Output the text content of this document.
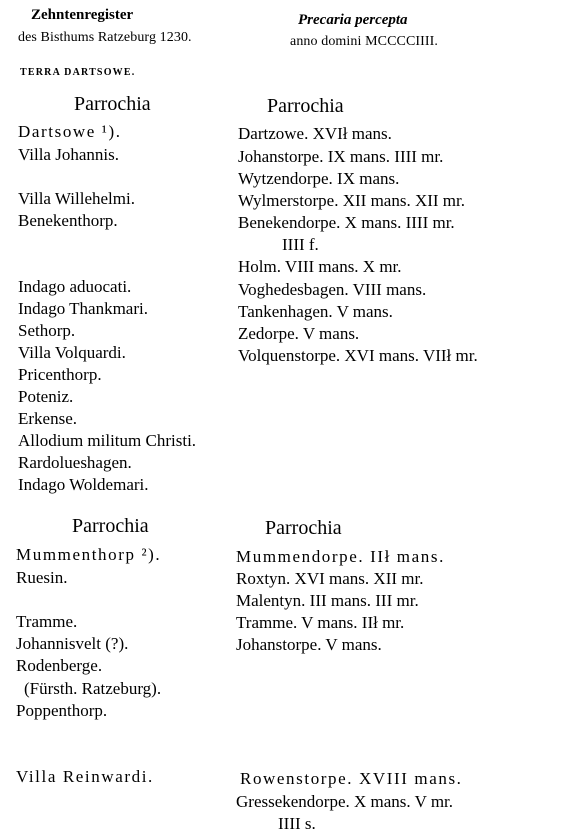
Zehntenregister
des Bisthums Ratzeburg 1230.
Precaria percepta
anno domini MCCCCIIII.
TERRA DARTSOWE.
Parrochia	Parrochia
Dartsowe ¹).
Villa Johannis.
Villa Willehelmi.
Benekenthorp.
Indago aduocati.
Indago Thankmari.
Sethorp.
Villa Volquardi.
Pricenthorp.
Poteniz.
Erkense.
Allodium militum Christi.
Rardolueshagen.
Indago Woldemari.
Dartzowe. XVIł mans.
Johanstorpe. IX mans. IIII mr.
Wytzendorpe. IX mans.
Wylmerstorpe. XII mans. XII mr.
Benekendorpe. X mans. IIII mr.
IIII f.
Holm. VIII mans. X mr.
Voghedesbagen. VIII mans.
Tankenhagen. V mans.
Zedorpe. V mans.
Volquenstorpe. XVI mans. VIIł mr.
Parrochia	Parrochia
Mummenthorp ²).
Ruesin.
Tramme.
Johannisvelt (?).
Rodenberge.
(Fürsth. Ratzeburg).
Poppenthorp.
Villa Reinwardi.
Mummendorpe. IIł mans.
Roxtyn. XVI mans. XII mr.
Malentyn. III mans. III mr.
Tramme. V mans. IIł mr.
Johanstorpe. V mans.
Rowenstorpe. XVIII mans.
Gressekendorpe. X mans. V mr.
IIII s.
